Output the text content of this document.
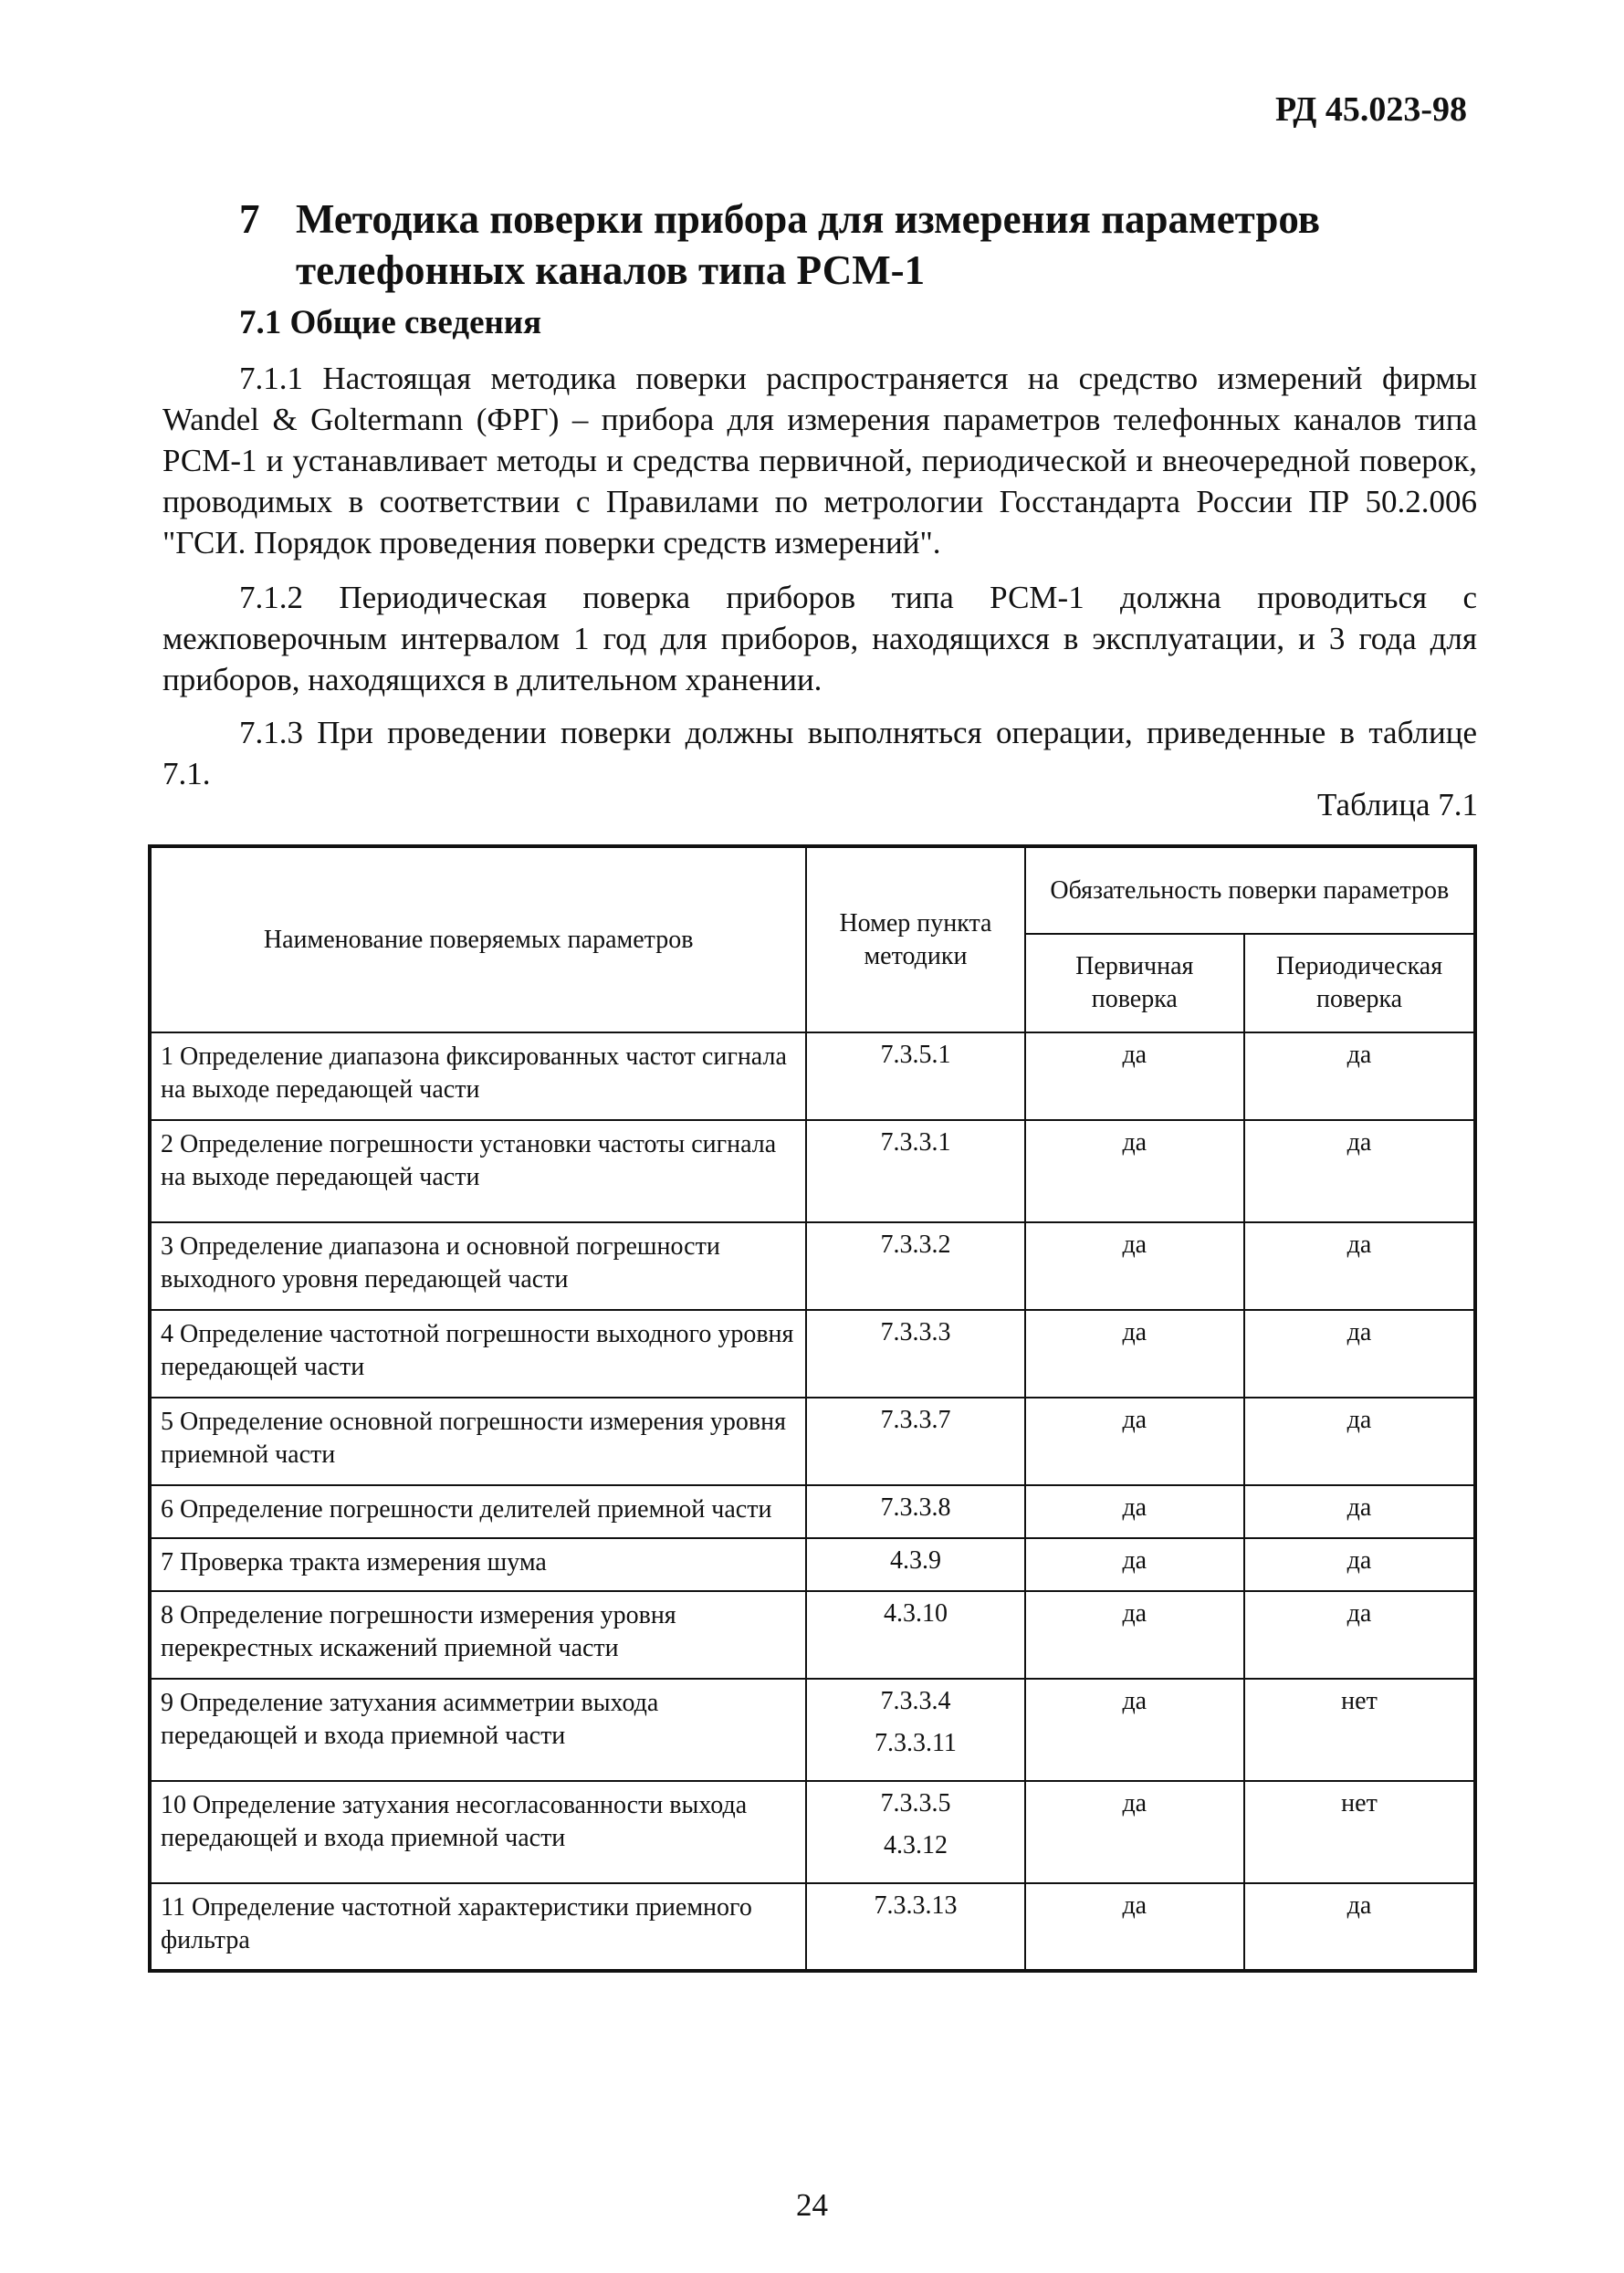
РД 45.023-98
7 Методика поверки прибора для измерения параметров телефонных каналов типа РСМ-1
7.1 Общие сведения

7.1.1 Настоящая методика поверки распространяется на средство измерений фирмы Wandel & Goltermann (ФРГ) – прибора для измерения параметров телефонных каналов типа РСМ-1 и устанавливает методы и средства первичной, периодической и внеочередной поверок, проводимых в соответствии с Правилами по метрологии Госстандарта России ПР 50.2.006 "ГСИ. Порядок проведения поверки средств измерений".

7.1.2 Периодическая поверка приборов типа РСМ-1 должна проводиться с межповерочным интервалом 1 год для приборов, находящихся в эксплуатации, и 3 года для приборов, находящихся в длительном хранении.

7.1.3 При проведении поверки должны выполняться операции, приведенные в таблице 7.1.

Таблица 7.1
Наименование поверяемых параметров	Номер пункта методики	Обязательность поверки параметров	
		Первичная поверка	Периодическая поверка
1 Определение диапазона фиксированных частот сигнала на выходе передающей части	7.3.5.1	да	да
2 Определение погрешности установки частоты сигнала на выходе передающей части	7.3.3.1	да	да
3 Определение диапазона и основной погрешности выходного уровня передающей части	7.3.3.2	да	да
4 Определение частотной погрешности выходного уровня передающей части	7.3.3.3	да	да
5 Определение основной погрешности измерения уровня приемной части	7.3.3.7	да	да
6 Определение погрешности делителей приемной части	7.3.3.8	да	да
7 Проверка тракта измерения шума	4.3.9	да	да
8 Определение погрешности измерения уровня перекрестных искажений приемной части	4.3.10	да	да
9 Определение затухания асимметрии выхода передающей и входа приемной части	7.3.3.4
7.3.3.11	да	нет
10 Определение затухания несогласованности выхода передающей и входа приемной части	7.3.3.5
4.3.12	да	нет
11 Определение частотной характеристики приемного фильтра	7.3.3.13	да	да
24
